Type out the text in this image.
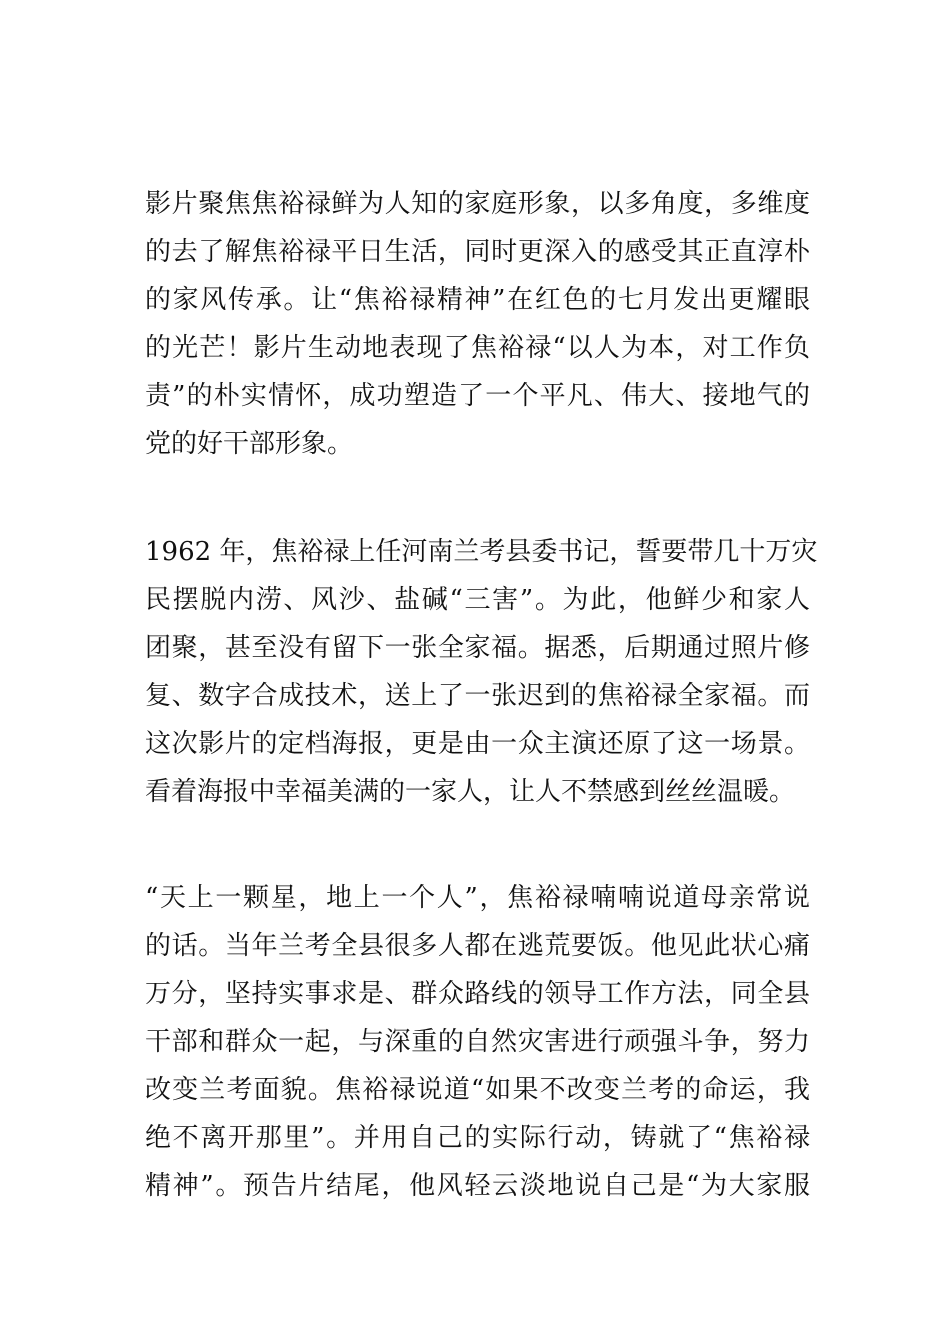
影片聚焦焦裕禄鲜为人知的家庭形象，以多角度，多维度
的去了解焦裕禄平日生活，同时更深入的感受其正直淳朴
的家风传承。让“焦裕禄精神”在红色的七月发出更耀眼
的光芒！影片生动地表现了焦裕禄“以人为本，对工作负
责”的朴实情怀，成功塑造了一个平凡、伟大、接地气的
党的好干部形象。
1962 年，焦裕禄上任河南兰考县委书记，誓要带几十万灾
民摆脱内涝、风沙、盐碱“三害”。为此，他鲜少和家人
团聚，甚至没有留下一张全家福。据悉，后期通过照片修
复、数字合成技术，送上了一张迟到的焦裕禄全家福。而
这次影片的定档海报，更是由一众主演还原了这一场景。
看着海报中幸福美满的一家人，让人不禁感到丝丝温暖。
“天上一颗星，地上一个人”，焦裕禄喃喃说道母亲常说
的话。当年兰考全县很多人都在逃荒要饭。他见此状心痛
万分，坚持实事求是、群众路线的领导工作方法，同全县
干部和群众一起，与深重的自然灾害进行顽强斗争，努力
改变兰考面貌。焦裕禄说道“如果不改变兰考的命运，我
绝不离开那里”。并用自己的实际行动，铸就了“焦裕禄
精神”。预告片结尾，他风轻云淡地说自己是“为大家服
